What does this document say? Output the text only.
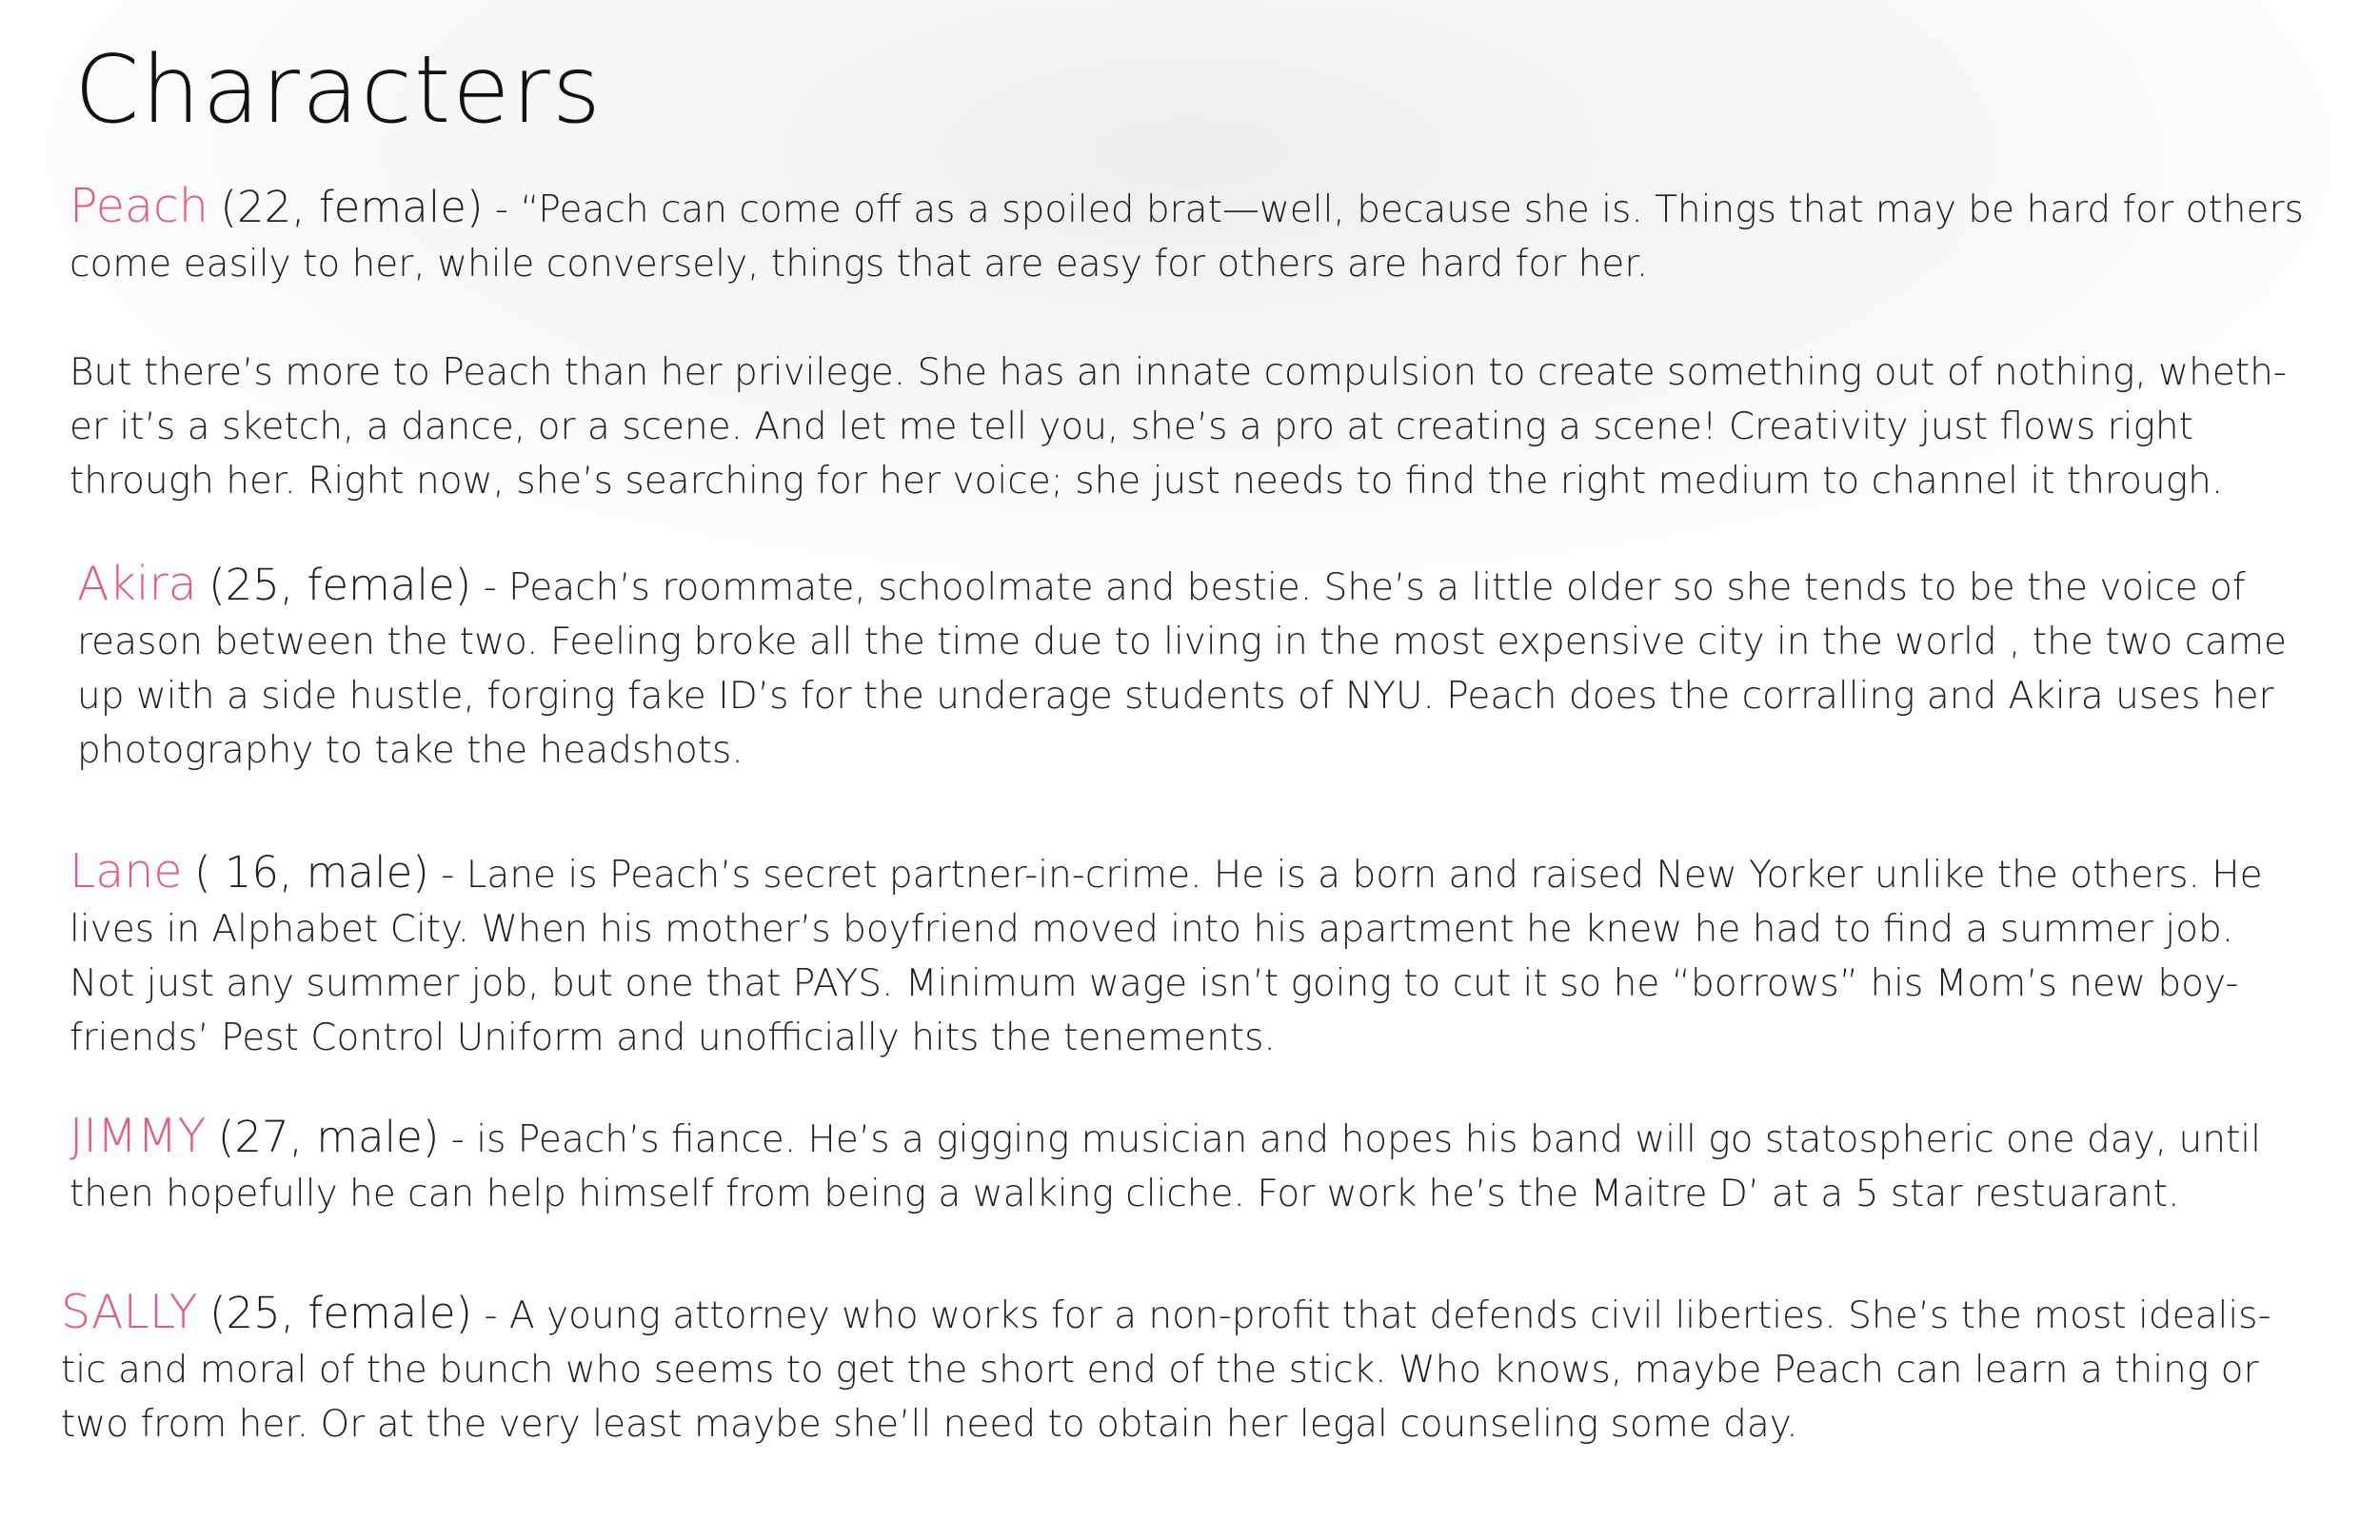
Characters
Peach (22, female) - “Peach can come off as a spoiled brat—well, because she is. Things that may be hard for others
come easily to her, while conversely, things that are easy for others are hard for her.

But there’s more to Peach than her privilege. She has an innate compulsion to create something out of nothing, wheth-
er it’s a sketch, a dance, or a scene. And let me tell you, she’s a pro at creating a scene! Creativity just flows right
through her. Right now, she’s searching for her voice; she just needs to find the right medium to channel it through.
Akira (25, female) - Peach’s roommate, schoolmate and bestie. She’s a little older so she tends to be the voice of
reason between the two. Feeling broke all the time due to living in the most expensive city in the world , the two came
up with a side hustle, forging fake ID’s for the underage students of NYU. Peach does the corralling and Akira uses her
photography to take the headshots.
Lane ( 16, male) - Lane is Peach’s secret partner-in-crime. He is a born and raised New Yorker unlike the others. He
lives in Alphabet City. When his mother’s boyfriend moved into his apartment he knew he had to find a summer job.
Not just any summer job, but one that PAYS. Minimum wage isn’t going to cut it so he “borrows” his Mom’s new boy-
friends’ Pest Control Uniform and unofficially hits the tenements.
JIMMY (27, male) - is Peach’s fiance. He’s a gigging musician and hopes his band will go statospheric one day, until
then hopefully he can help himself from being a walking cliche. For work he’s the Maitre D’ at a 5 star restuarant.
SALLY (25, female) - A young attorney who works for a non-profit that defends civil liberties. She’s the most idealis-
tic and moral of the bunch who seems to get the short end of the stick. Who knows, maybe Peach can learn a thing or
two from her. Or at the very least maybe she’ll need to obtain her legal counseling some day.
